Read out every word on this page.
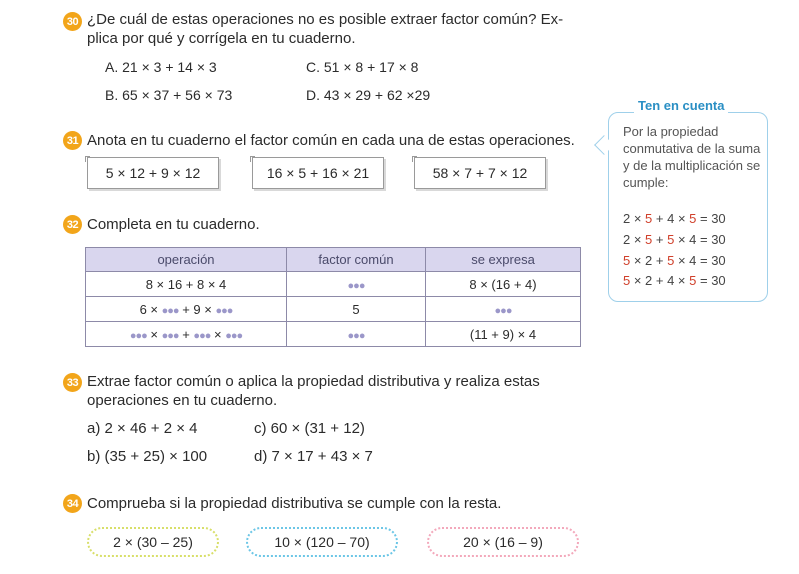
30 ¿De cuál de estas operaciones no es posible extraer factor común? Ex-
plica por qué y corrígela en tu cuaderno.
A. 21 × 3 + 14 × 3	C. 51 × 8 + 17 × 8
B. 65 × 37 + 56 × 73	D. 43 × 29 + 62 ×29
31 Anota en tu cuaderno el factor común en cada una de estas operaciones.
5 × 12 + 9 × 12	16 × 5 + 16 × 21	58 × 7 + 7 × 12
32 Completa en tu cuaderno.
operación	factor común	se expresa
8 × 16 + 8 × 4	●●●	8 × (16 + 4)
6 × ●●● + 9 × ●●●	5	●●●
●●● × ●●● + ●●● × ●●●	●●●	(11 + 9) × 4
33 Extrae factor común o aplica la propiedad distributiva y realiza estas
operaciones en tu cuaderno.
a) 2 × 46 + 2 × 4	c) 60 × (31 + 12)
b) (35 + 25) × 100	d) 7 × 17 + 43 × 7
34 Comprueba si la propiedad distributiva se cumple con la resta.
2 × (30 – 25)	10 × (120 – 70)	20 × (16 – 9)
Ten en cuenta
Por la propiedad conmutativa de la suma y de la multiplicación se cumple:
2 × 5 + 4 × 5 = 30
2 × 5 + 5 × 4 = 30
5 × 2 + 5 × 4 = 30
5 × 2 + 4 × 5 = 30
